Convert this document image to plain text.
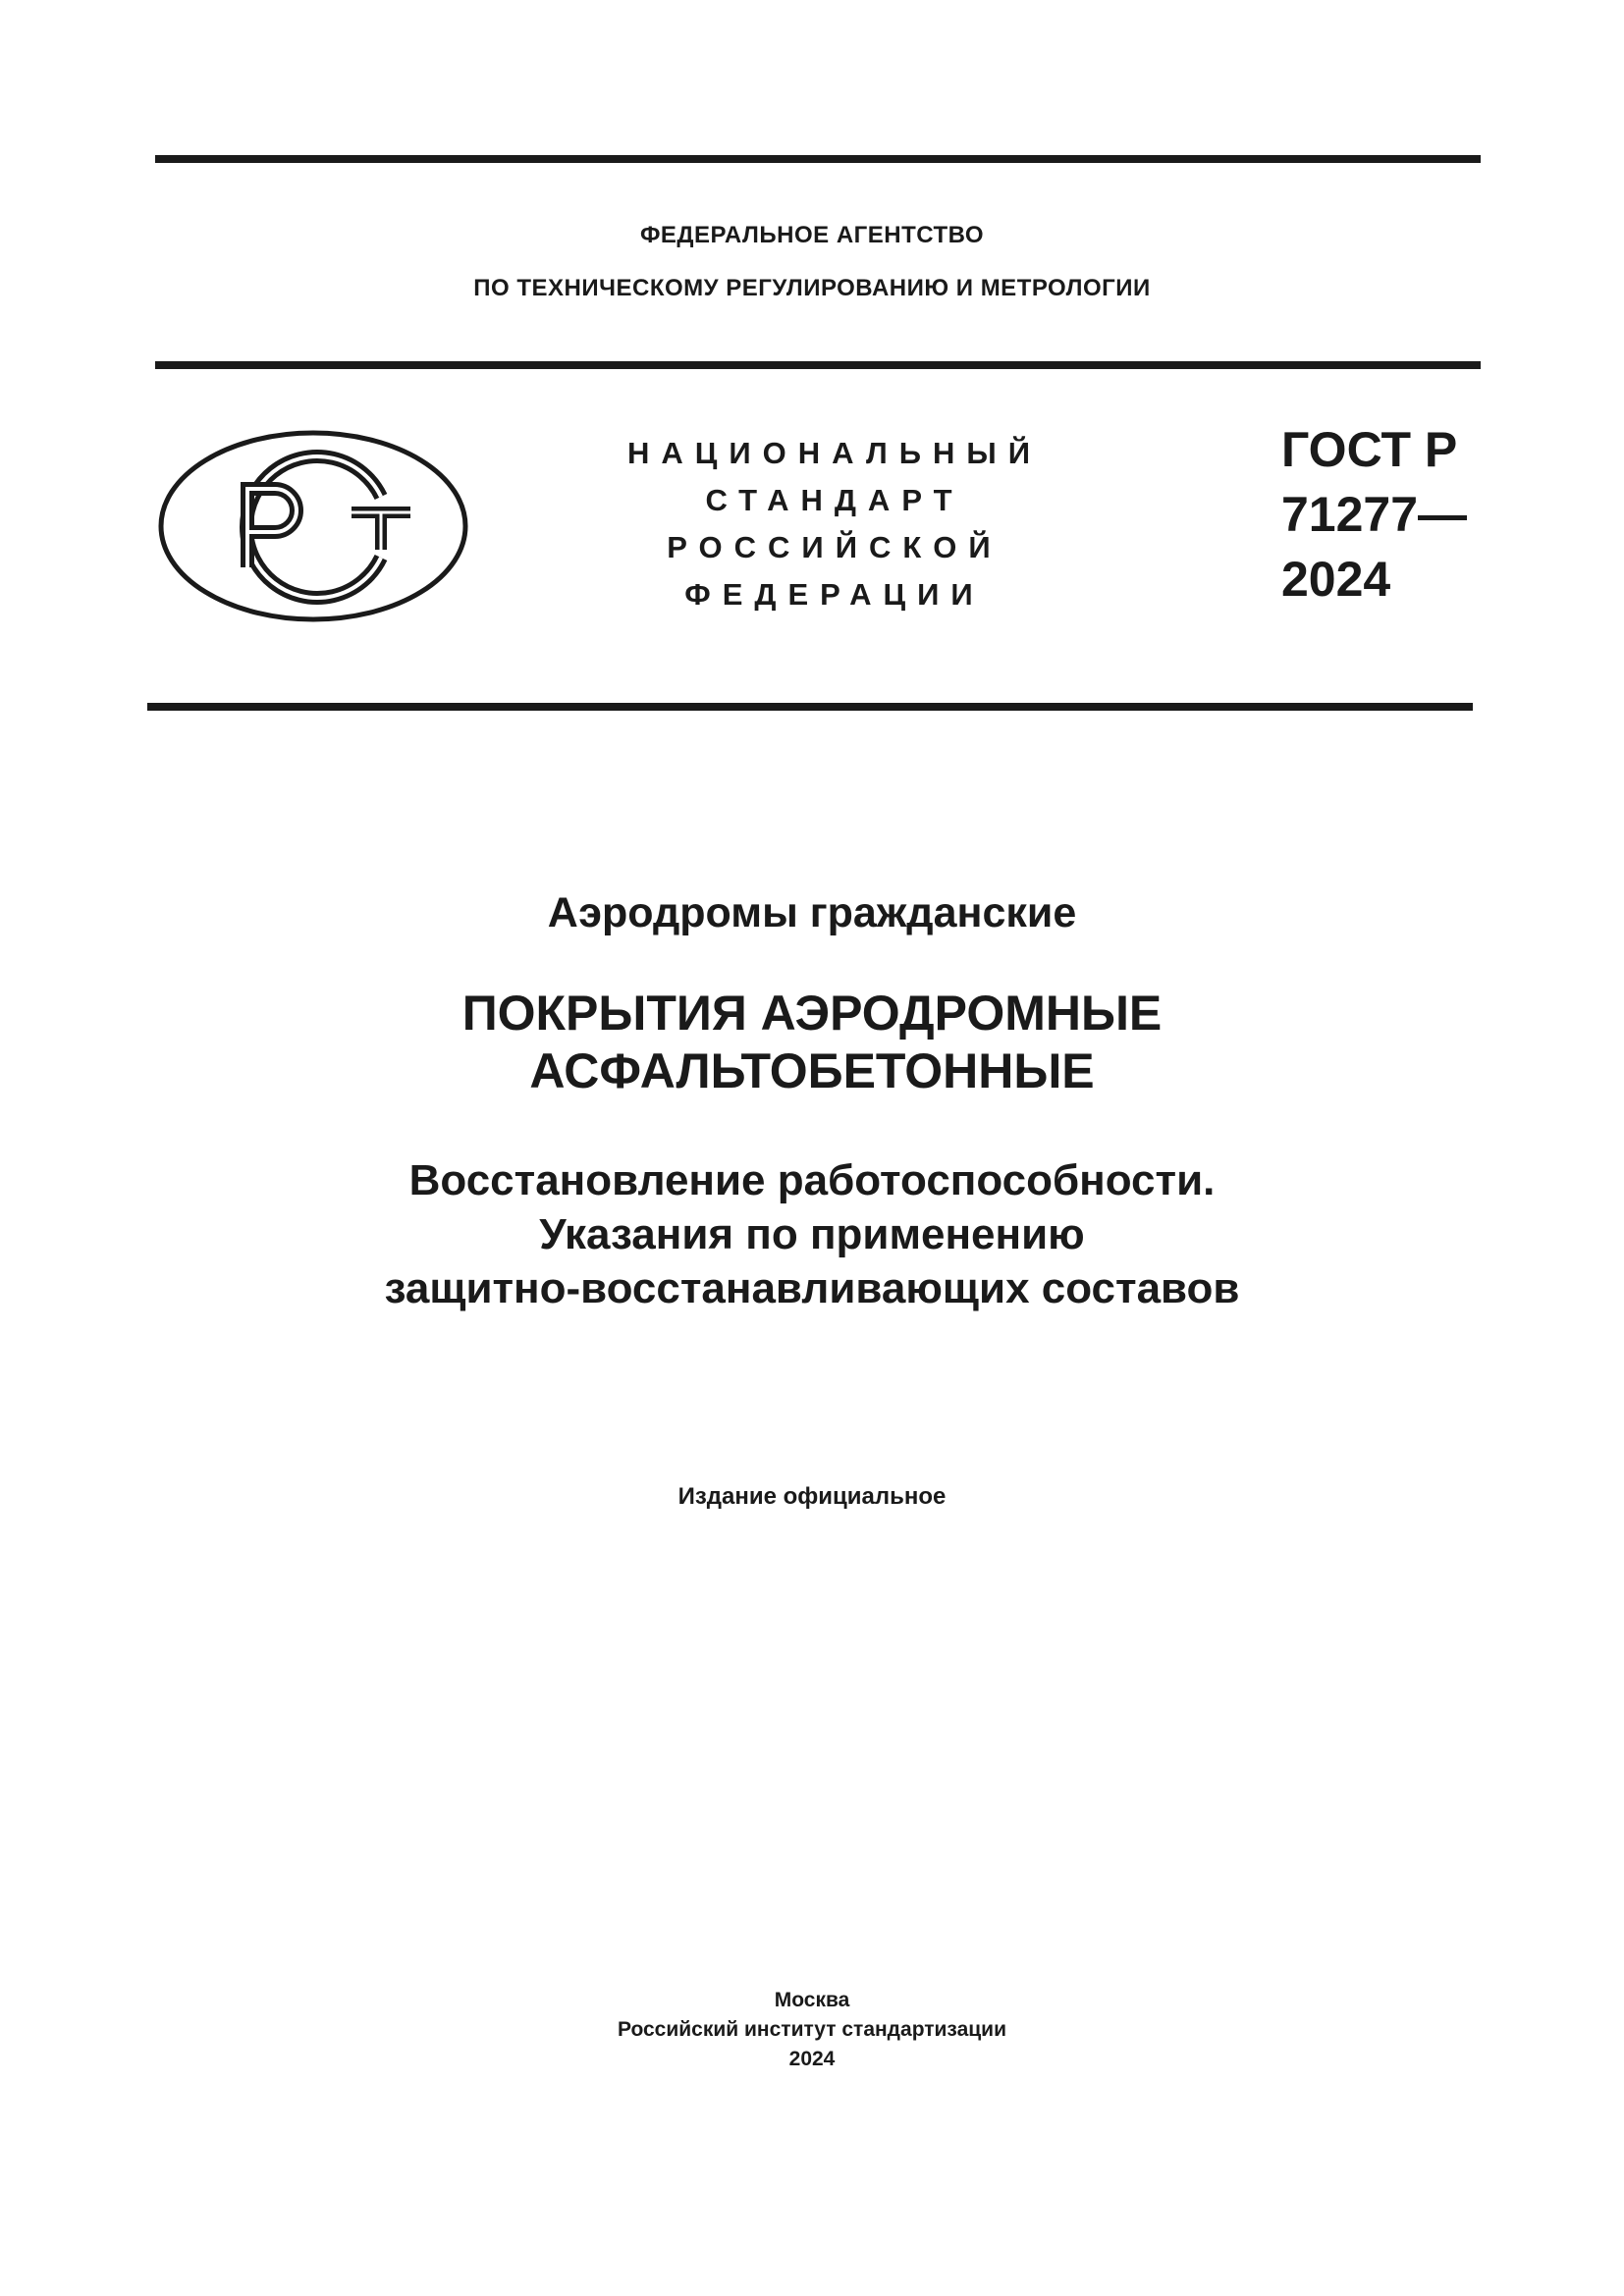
ФЕДЕРАЛЬНОЕ АГЕНТСТВО
ПО ТЕХНИЧЕСКОМУ РЕГУЛИРОВАНИЮ И МЕТРОЛОГИИ
НАЦИОНАЛЬНЫЙ
СТАНДАРТ
РОССИЙСКОЙ
ФЕДЕРАЦИИ
ГОСТ Р
71277—
2024
Аэродромы гражданские
ПОКРЫТИЯ АЭРОДРОМНЫЕ
АСФАЛЬТОБЕТОННЫЕ
Восстановление работоспособности.
Указания по применению
защитно-восстанавливающих составов
Издание официальное
Москва
Российский институт стандартизации
2024
